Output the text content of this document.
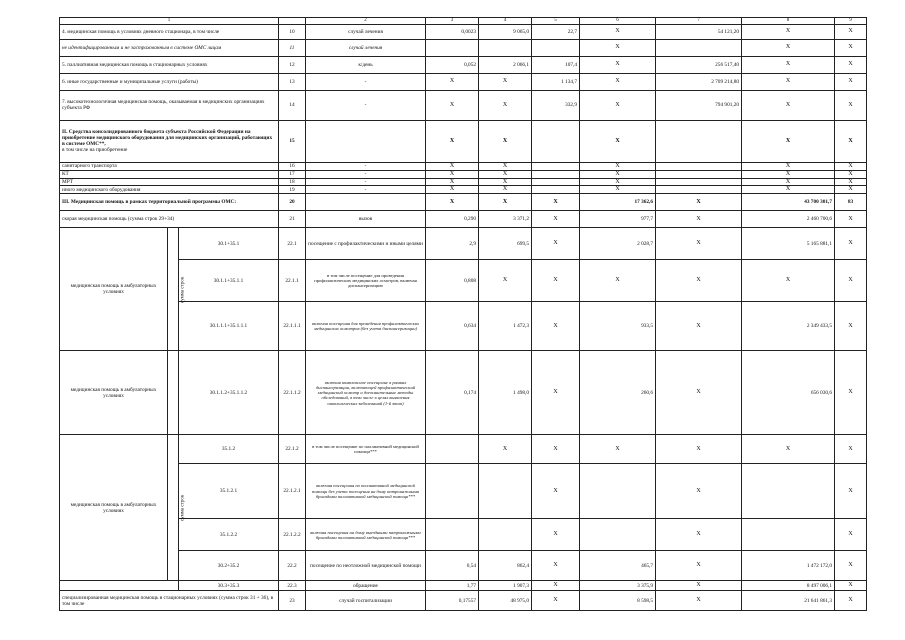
1				2	3	4	5	6	7	8	9
4. медицинская помощь в условиях дневного стационара, в том числе			10	случай лечения	0,0023	9 065,0	22,7	X	54 121,20	X	X
не идентифицированным и не застрахованным в системе ОМС лицам			11	случай лечения				X		X	X
5. паллиативная медицинская помощь в стационарных условиях			12	к/день	0,052	2 066,1	107,4	X	256 517,40	X	X
6. иные государственные и муниципальные услуги (работы)			13	-	X	X	1 134,7	X	2 709 214,80	X	X
7. высокотехнологичная медицинская помощь, оказываемая в медицинских организациях субъекта РФ			14	-	X	X	332,9	X	794 901,20	X	X

II. Средства консолидированного бюджета субъекта Российской Федерации на приобретение медицинского оборудования для медицинских организаций, работающих в системе ОМС**,
в том числе на приобретение			15		X	X		X		X	X
санитарного транспорта			16	-	X	X		X		X	X
КТ			17	-	X	X		X		X	X
МРТ			18	-	X	X		X		X	X
иного медицинского оборудования			19	-	X	X		X		X	X
III. Медицинская помощь в рамках территориальной программы ОМС:			20		X	X	X	17 362,6	X	43 700 301,7	83
скорая медицинская помощь (сумма строк 29+34)			21	вызов	0,290	3 371,2	X	977,7	X	2 460 700,6	X
медицинская помощь в амбулаторных условиях	сумма строк	30.1+35.1	22.1	посещение с профилактическими и иными целями	2,9	699,5	X	2 028,7	X	5 165 881,1	X
		30.1.1+35.1.1	22.1.1	в том числе посещение для проведения профилактических медицинских осмотров, включая диспансеризацию	0,808	X	X	X	X	X	X
		30.1.1.1+35.1.1.1	22.1.1.1	включая посещения для проведения профилактических медицинских осмотров (без учета диспансеризации)	0,634	1 472,3	X	933,5	X	2 349 433,5	X
медицинская помощь в амбулаторных условиях		30.1.1.2+35.1.1.2	22.1.1.2	включая комплексное посещение в рамках диспансеризации, включающей профилактический медицинский осмотр и дополнительные методы обследований, в том числе в целях выявления онкологических заболеваний (1-й этап)	0,174	1 498,0	X	260,6	X	656 030,6	X
медицинская помощь в амбулаторных условиях	сумма строк	35.1.2	22.1.2	в том числе посещение по паллиативной медицинской помощи***		X	X	X	X	X	X
		35.1.2.1	22.1.2.1	включая посещения по паллиативной медицинской помощи без учета посещения на дому патронажными бригадами паллиативной медицинской помощи***			X		X		X
		35.1.2.2	22.1.2.2	включая посещения на дому выездными патронажными бригадами паллиативной медицинской помощи***			X		X		X
		30.2+35.2	22.2	посещение по неотложной медицинской помощи	0,54	862,4	X	465,7	X	1 472 172,0	X
		30.3+35.3	22.3	обращение	1,77	1 907,3	X	3 375,9	X	8 497 006,1	X
специализированная медицинская помощь в стационарных условиях (сумма строк 31 + 36), в том числе			23	случай госпитализации	0,17557	48 975,0	X	8 598,5	X	21 641 861,3	X
